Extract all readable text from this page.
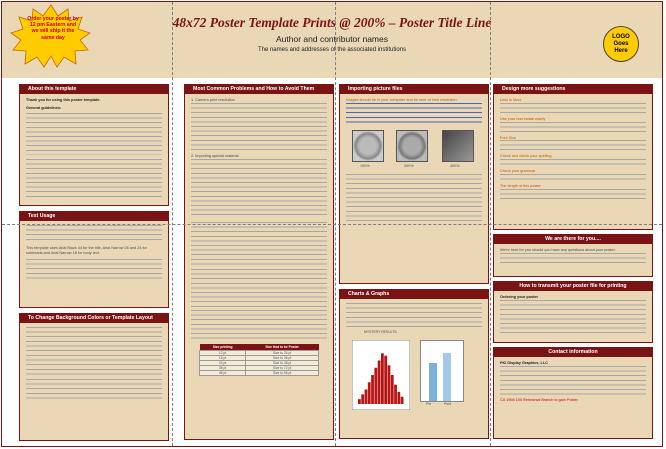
Order your poster by 12 pm Eastern and we will ship it the same day
48x72 Poster Template Prints @ 200% – Poster Title Line

Author and contributor names

The names and addresses of the associated institutions

LOGO
Goes
Here
About this template
Thank you for using this poster template.
General guidelines:
Text Usage
This template uses Arial Black 44 for the title, Arial Narrow 26 and 24 for subheads and Arial Narrow 18 for body text.
To Change Background Colors or Template Layout
Most Common Problems and How to Avoid Them
1. Camera print resolution
2. Importing special material
Size printing	Size that to be Poster
12 pt	Size to 24 pt
18 pt	Size to 36 pt
24 pt	Size to 48 pt
36 pt	Size to 72 pt
48 pt	Size to 96 pt
Importing picture files
Images should be in your computer and be sure of their resolution.
100%	200%	400%
Charts & Graphs
MYSTERY RESULTS
Pre	Post
Design more suggestions
Less is More
Use your real estate wisely
Font Size
Check and check your spelling
Check your grammar
The length of this poster
We are there for you....
We're here for you should you have any questions about your poster.
How to transmit your poster file for printing
Ordering your poster
Contact information
PKI Display Graphics, LLC
CA 1966 100 Rehearsal Branch to gain Poster
